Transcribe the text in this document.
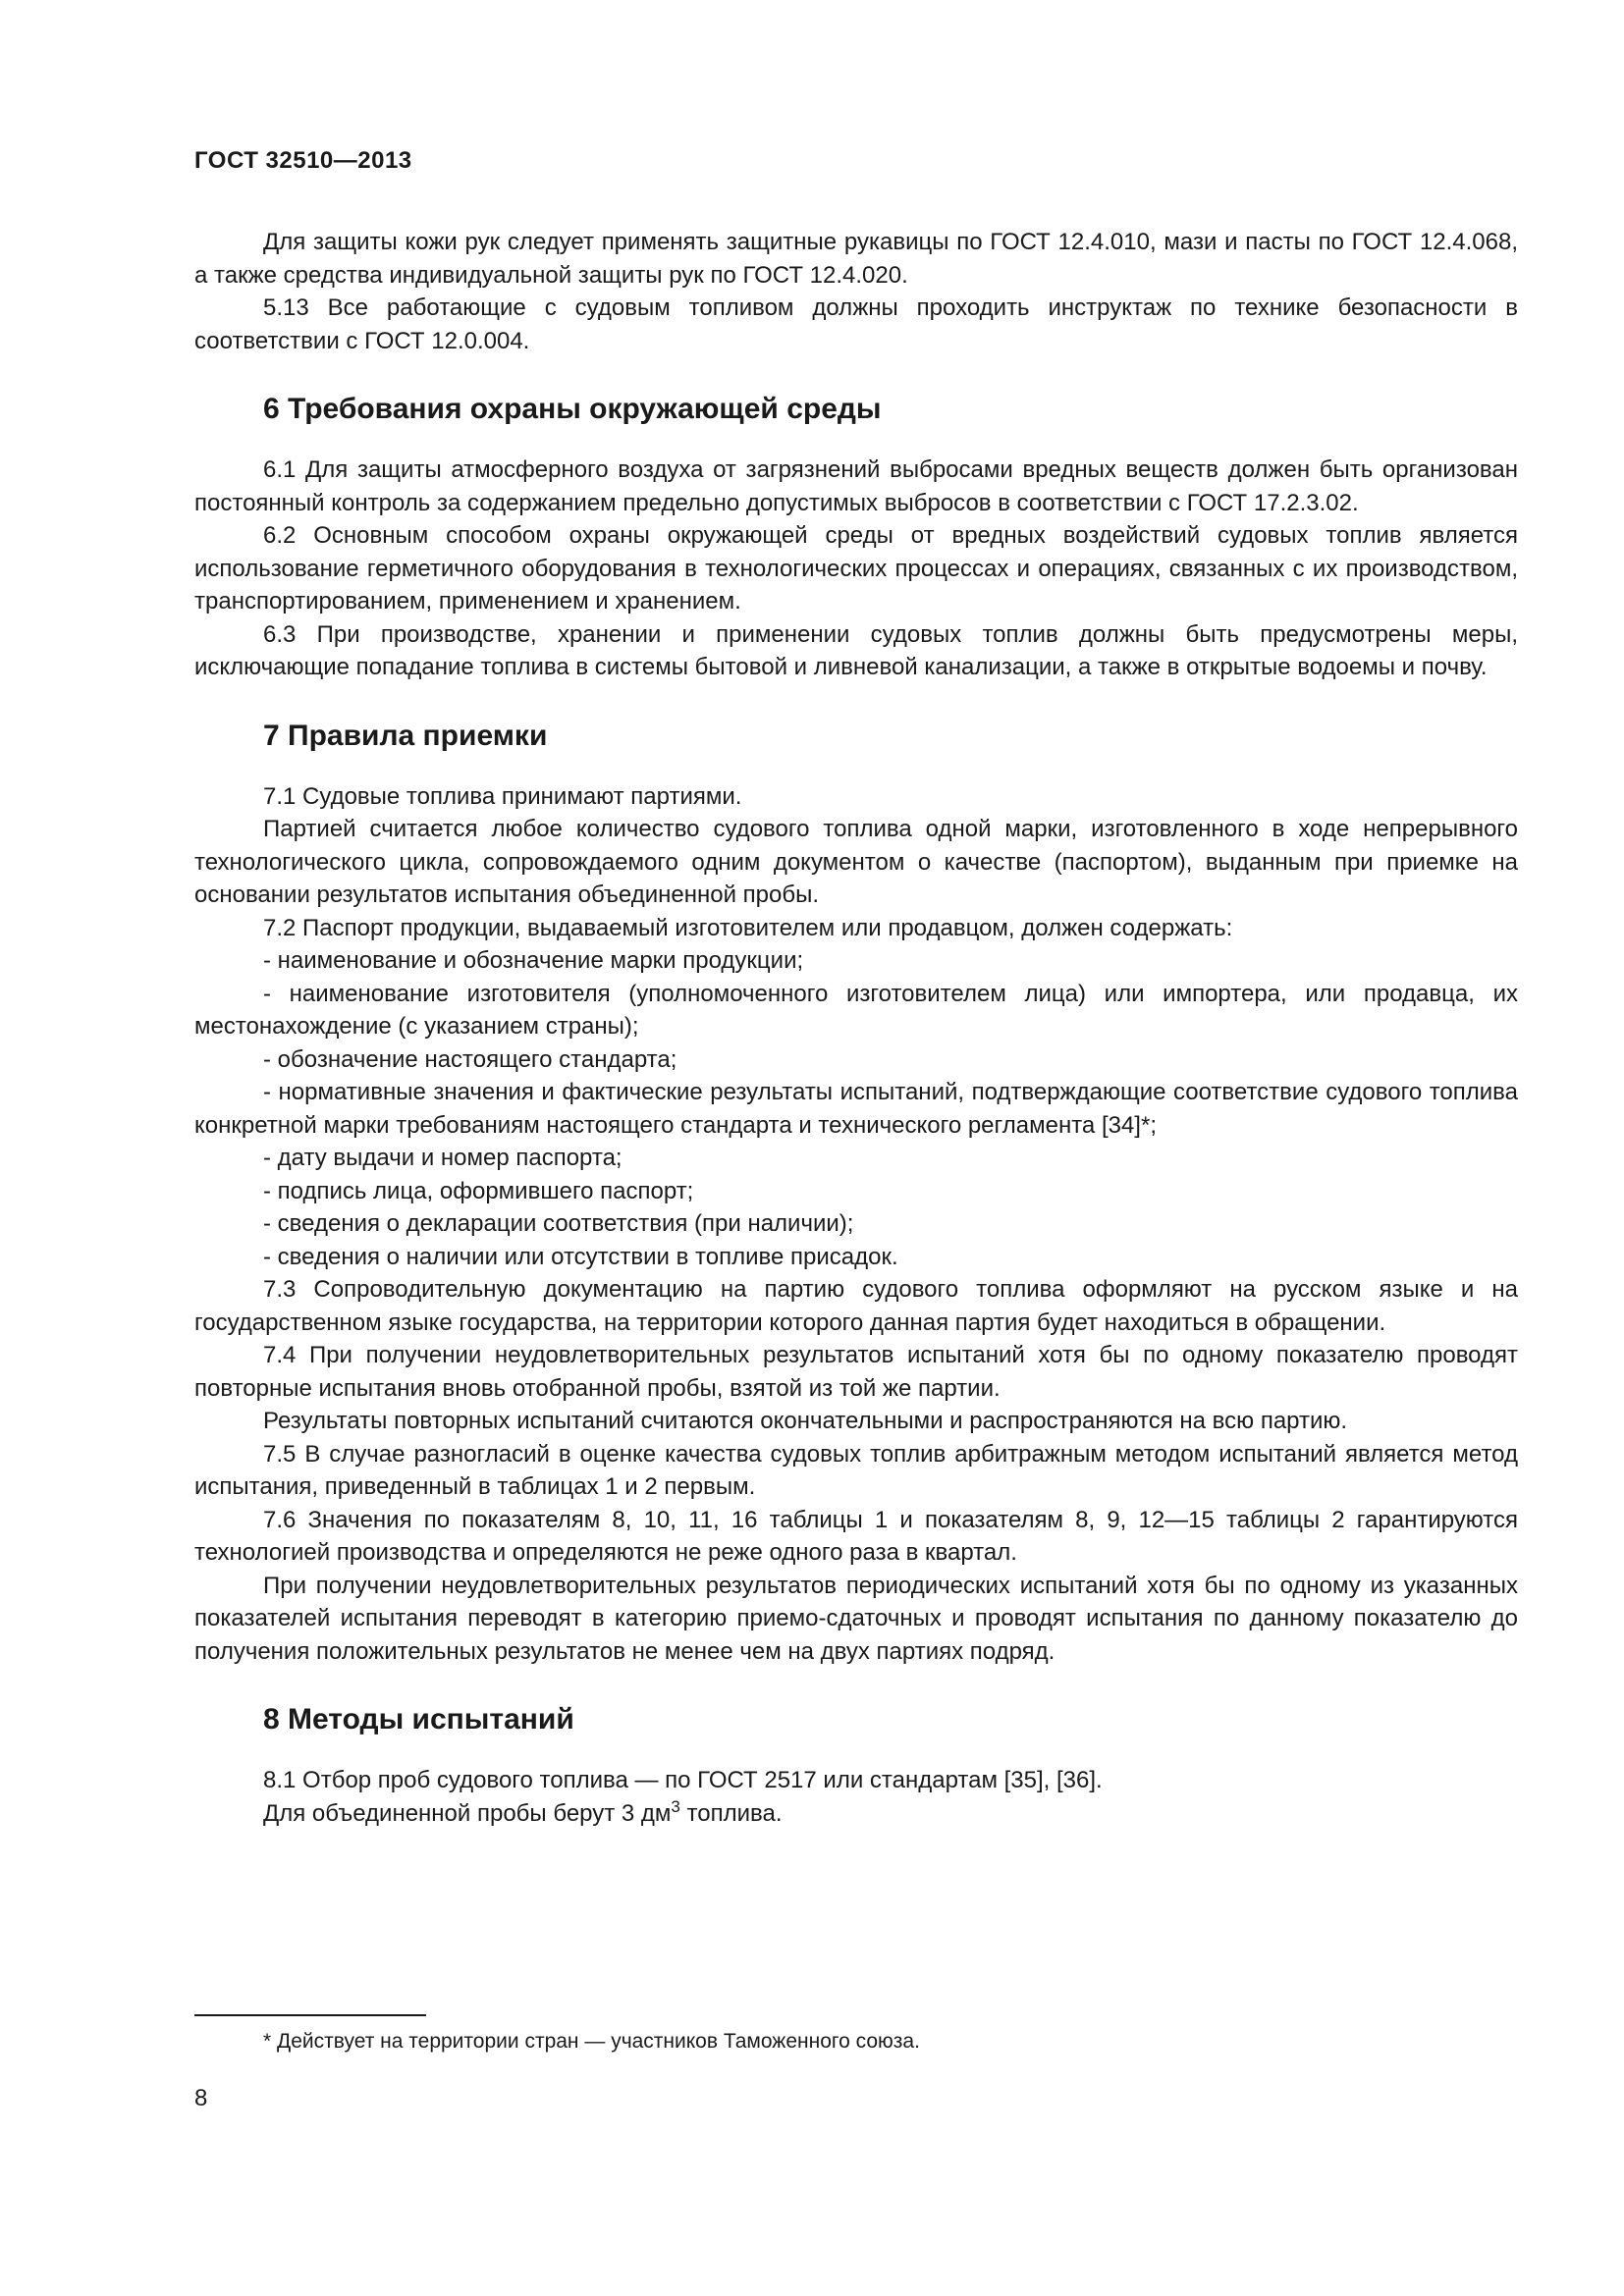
ГОСТ 32510—2013

Для защиты кожи рук следует применять защитные рукавицы по ГОСТ 12.4.010, мази и пасты по ГОСТ 12.4.068, а также средства индивидуальной защиты рук по ГОСТ 12.4.020.

5.13 Все работающие с судовым топливом должны проходить инструктаж по технике безопасности в соответствии с ГОСТ 12.0.004.

6 Требования охраны окружающей среды

6.1 Для защиты атмосферного воздуха от загрязнений выбросами вредных веществ должен быть организован постоянный контроль за содержанием предельно допустимых выбросов в соответствии с ГОСТ 17.2.3.02.

6.2 Основным способом охраны окружающей среды от вредных воздействий судовых топлив является использование герметичного оборудования в технологических процессах и операциях, связанных с их производством, транспортированием, применением и хранением.

6.3 При производстве, хранении и применении судовых топлив должны быть предусмотрены меры, исключающие попадание топлива в системы бытовой и ливневой канализации, а также в открытые водоемы и почву.

7 Правила приемки

7.1 Судовые топлива принимают партиями.

Партией считается любое количество судового топлива одной марки, изготовленного в ходе непрерывного технологического цикла, сопровождаемого одним документом о качестве (паспортом), выданным при приемке на основании результатов испытания объединенной пробы.

7.2 Паспорт продукции, выдаваемый изготовителем или продавцом, должен содержать:

- наименование и обозначение марки продукции;

- наименование изготовителя (уполномоченного изготовителем лица) или импортера, или продавца, их местонахождение (с указанием страны);

- обозначение настоящего стандарта;

- нормативные значения и фактические результаты испытаний, подтверждающие соответствие судового топлива конкретной марки требованиям настоящего стандарта и технического регламента [34]*;

- дату выдачи и номер паспорта;

- подпись лица, оформившего паспорт;

- сведения о декларации соответствия (при наличии);

- сведения о наличии или отсутствии в топливе присадок.

7.3 Сопроводительную документацию на партию судового топлива оформляют на русском языке и на государственном языке государства, на территории которого данная партия будет находиться в обращении.

7.4 При получении неудовлетворительных результатов испытаний хотя бы по одному показателю проводят повторные испытания вновь отобранной пробы, взятой из той же партии.

Результаты повторных испытаний считаются окончательными и распространяются на всю партию.

7.5 В случае разногласий в оценке качества судовых топлив арбитражным методом испытаний является метод испытания, приведенный в таблицах 1 и 2 первым.

7.6 Значения по показателям 8, 10, 11, 16 таблицы 1 и показателям 8, 9, 12—15 таблицы 2 гарантируются технологией производства и определяются не реже одного раза в квартал.

При получении неудовлетворительных результатов периодических испытаний хотя бы по одному из указанных показателей испытания переводят в категорию приемо-сдаточных и проводят испытания по данному показателю до получения положительных результатов не менее чем на двух партиях подряд.

8 Методы испытаний

8.1 Отбор проб судового топлива — по ГОСТ 2517 или стандартам [35], [36].

Для объединенной пробы берут 3 $дм^3$ топлива.

* Действует на территории стран — участников Таможенного союза.
8
